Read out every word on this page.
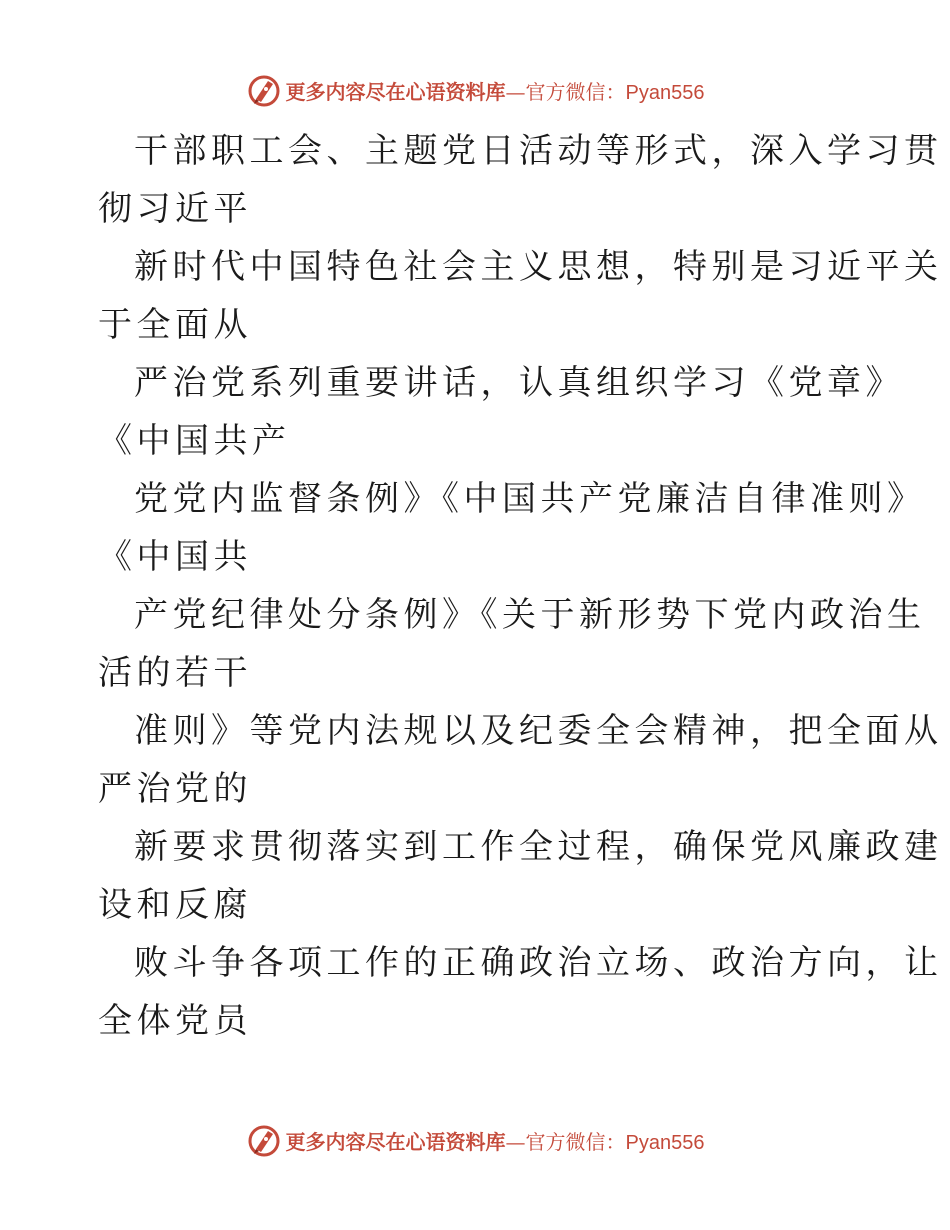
更多内容尽在心语资料库 — 官方微信： Pyan556
干部职工会、主题党日活动等形式，深入学习贯
彻习近平
新时代中国特色社会主义思想，特别是习近平关
于全面从
严治党系列重要讲话，认真组织学习《党章》
《中国共产
党党内监督条例》《中国共产党廉洁自律准则》
《中国共
产党纪律处分条例》《关于新形势下党内政治生
活的若干
准则》等党内法规以及纪委全会精神，把全面从
严治党的
新要求贯彻落实到工作全过程，确保党风廉政建
设和反腐
败斗争各项工作的正确政治立场、政治方向，让
全体党员
更多内容尽在心语资料库 — 官方微信： Pyan556
